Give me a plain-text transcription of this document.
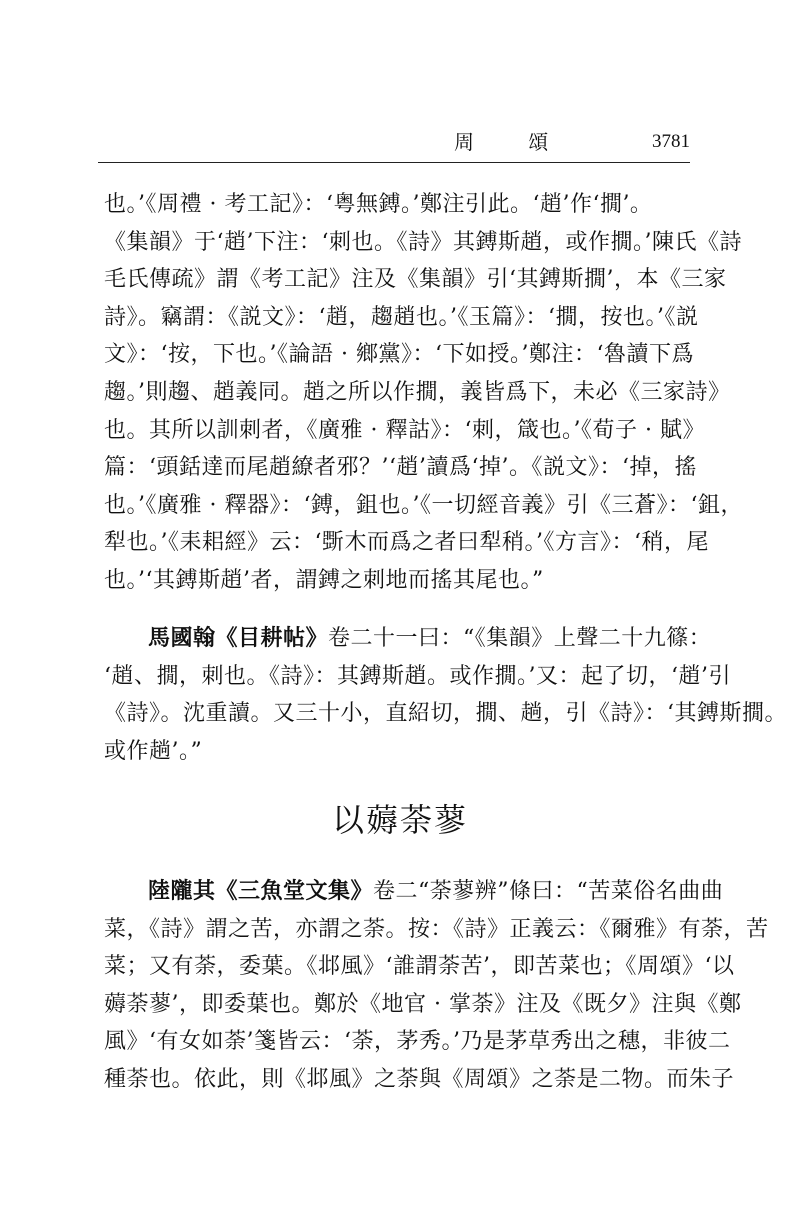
周 頌	3781
也。’《周禮 · 考工記》：‘粤無鎛。’鄭注引此。‘趙’作‘撊’。
《集韻》于‘趙’下注：‘刺也。《詩》其鎛斯趙，或作撊。’陳氏《詩
毛氏傳疏》謂《考工記》注及《集韻》引‘其鎛斯撊’，本《三家
詩》。竊謂：《説文》：‘趙，趨趙也。’《玉篇》：‘撊，按也。’《説
文》：‘按，下也。’《論語 · 鄉黨》：‘下如授。’鄭注：‘魯讀下爲
趨。’則趨、趙義同。趙之所以作撊，義皆爲下，未必《三家詩》
也。其所以訓刺者，《廣雅 · 釋詁》：‘刺，箴也。’《荀子 · 賦》
篇：‘頭銛達而尾趙繚者邪？’‘趙’讀爲‘掉’。《説文》：‘掉，搖
也。’《廣雅 · 釋器》：‘鎛，鉏也。’《一切經音義》引《三蒼》：‘鉏，
犁也。’《耒耜經》云：‘斲木而爲之者曰犁稍。’《方言》：‘稍，尾
也。’‘其鎛斯趙’者，謂鎛之刺地而搖其尾也。”
馬國翰《目耕帖》卷二十一曰：“《集韻》上聲二十九篠：
‘趙、撊，刺也。《詩》：其鎛斯趙。或作撊。’又：起了切，‘趙’引
《詩》。沈重讀。又三十小，直紹切，撊、趟，引《詩》：‘其鎛斯撊。
或作趟’。”
以薅荼蓼
陸隴其《三魚堂文集》卷二“荼蓼辨”條曰：“苦菜俗名曲曲
菜，《詩》謂之苦，亦謂之荼。按：《詩》正義云：《爾雅》有荼，苦
菜；又有荼，委葉。《邶風》‘誰謂荼苦’，即苦菜也；《周頌》‘以
薅荼蓼’，即委葉也。鄭於《地官 · 掌荼》注及《既夕》注與《鄭
風》‘有女如荼’箋皆云：‘荼，茅秀。’乃是茅草秀出之穗，非彼二
種荼也。依此，則《邶風》之荼與《周頌》之荼是二物。而朱子
